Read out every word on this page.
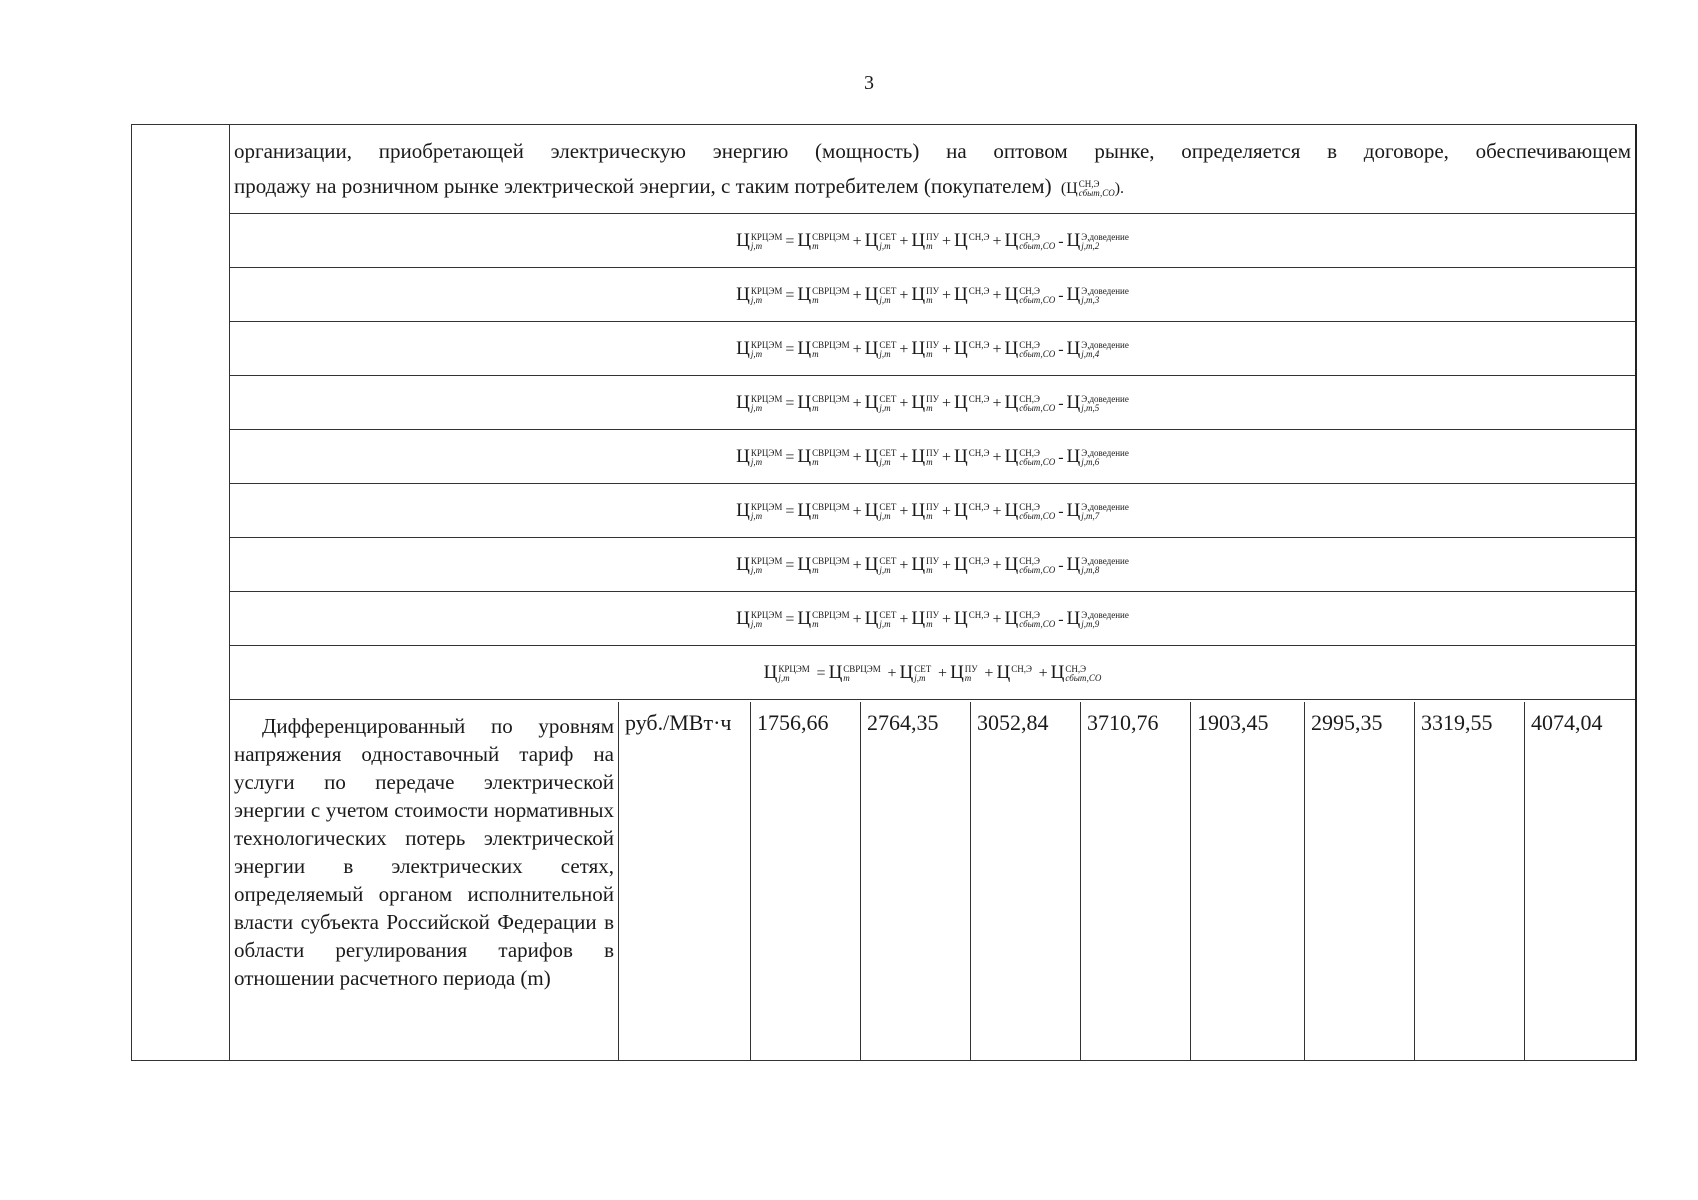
3
организации, приобретающей электрическую энергию (мощность) на оптовом рынке, определяется в договоре, обеспечивающем
продажу на розничном рынке электрической энергии, с таким потребителем (покупателем)  (Ц СН,Э
сбыт,СО ).
Ц КРЦЭМ
j,m	= Ц СВРЦЭМ
m	+ Ц СЕТ
j,m + Ц ПУ
m + Ц СН,Э
+ Ц СН,Э
сбыт,СО - Ц Э,доведение
j,m,2
Ц КРЦЭМ
j,m	= Ц СВРЦЭМ
m	+ Ц СЕТ
j,m + Ц ПУ
m + Ц СН,Э
+ Ц СН,Э
сбыт,СО - Ц Э,доведение
j,m,3
Ц КРЦЭМ
j,m	= Ц СВРЦЭМ
m	+ Ц СЕТ
j,m + Ц ПУ
m + Ц СН,Э
+ Ц СН,Э
сбыт,СО - Ц Э,доведение
j,m,4
Ц КРЦЭМ
j,m	= Ц СВРЦЭМ
m	+ Ц СЕТ
j,m + Ц ПУ
m + Ц СН,Э
+ Ц СН,Э
сбыт,СО - Ц Э,доведение
j,m,5
Ц КРЦЭМ
j,m	= Ц СВРЦЭМ
m	+ Ц СЕТ
j,m + Ц ПУ
m + Ц СН,Э
+ Ц СН,Э
сбыт,СО - Ц Э,доведение
j,m,6
Ц КРЦЭМ
j,m	= Ц СВРЦЭМ
m	+ Ц СЕТ
j,m + Ц ПУ
m + Ц СН,Э
+ Ц СН,Э
сбыт,СО - Ц Э,доведение
j,m,7
Ц КРЦЭМ
j,m	= Ц СВРЦЭМ
m	+ Ц СЕТ
j,m + Ц ПУ
m + Ц СН,Э
+ Ц СН,Э
сбыт,СО - Ц Э,доведение
j,m,8
Ц КРЦЭМ
j,m	= Ц СВРЦЭМ
m	+ Ц СЕТ
j,m + Ц ПУ
m + Ц СН,Э
+ Ц СН,Э
сбыт,СО - Ц Э,доведение
j,m,9
Ц КРЦЭМ
j,m	= Ц СВРЦЭМ
m	+ Ц СЕТ
j,m + Ц ПУ
m + Ц СН,Э
+ Ц СН,Э
сбыт,СО
Дифференцированный по уровням напряжения одноставочный тариф на услуги по передаче электрической энергии с учетом стоимости нормативных технологических потерь электрической энергии в электрических сетях, определяемый органом исполнительной власти субъекта Российской Федерации в области регулирования тарифов в отношении расчетного периода (m)
руб./МВт·ч	1756,66	2764,35	3052,84	3710,76	1903,45	2995,35	3319,55	4074,04
